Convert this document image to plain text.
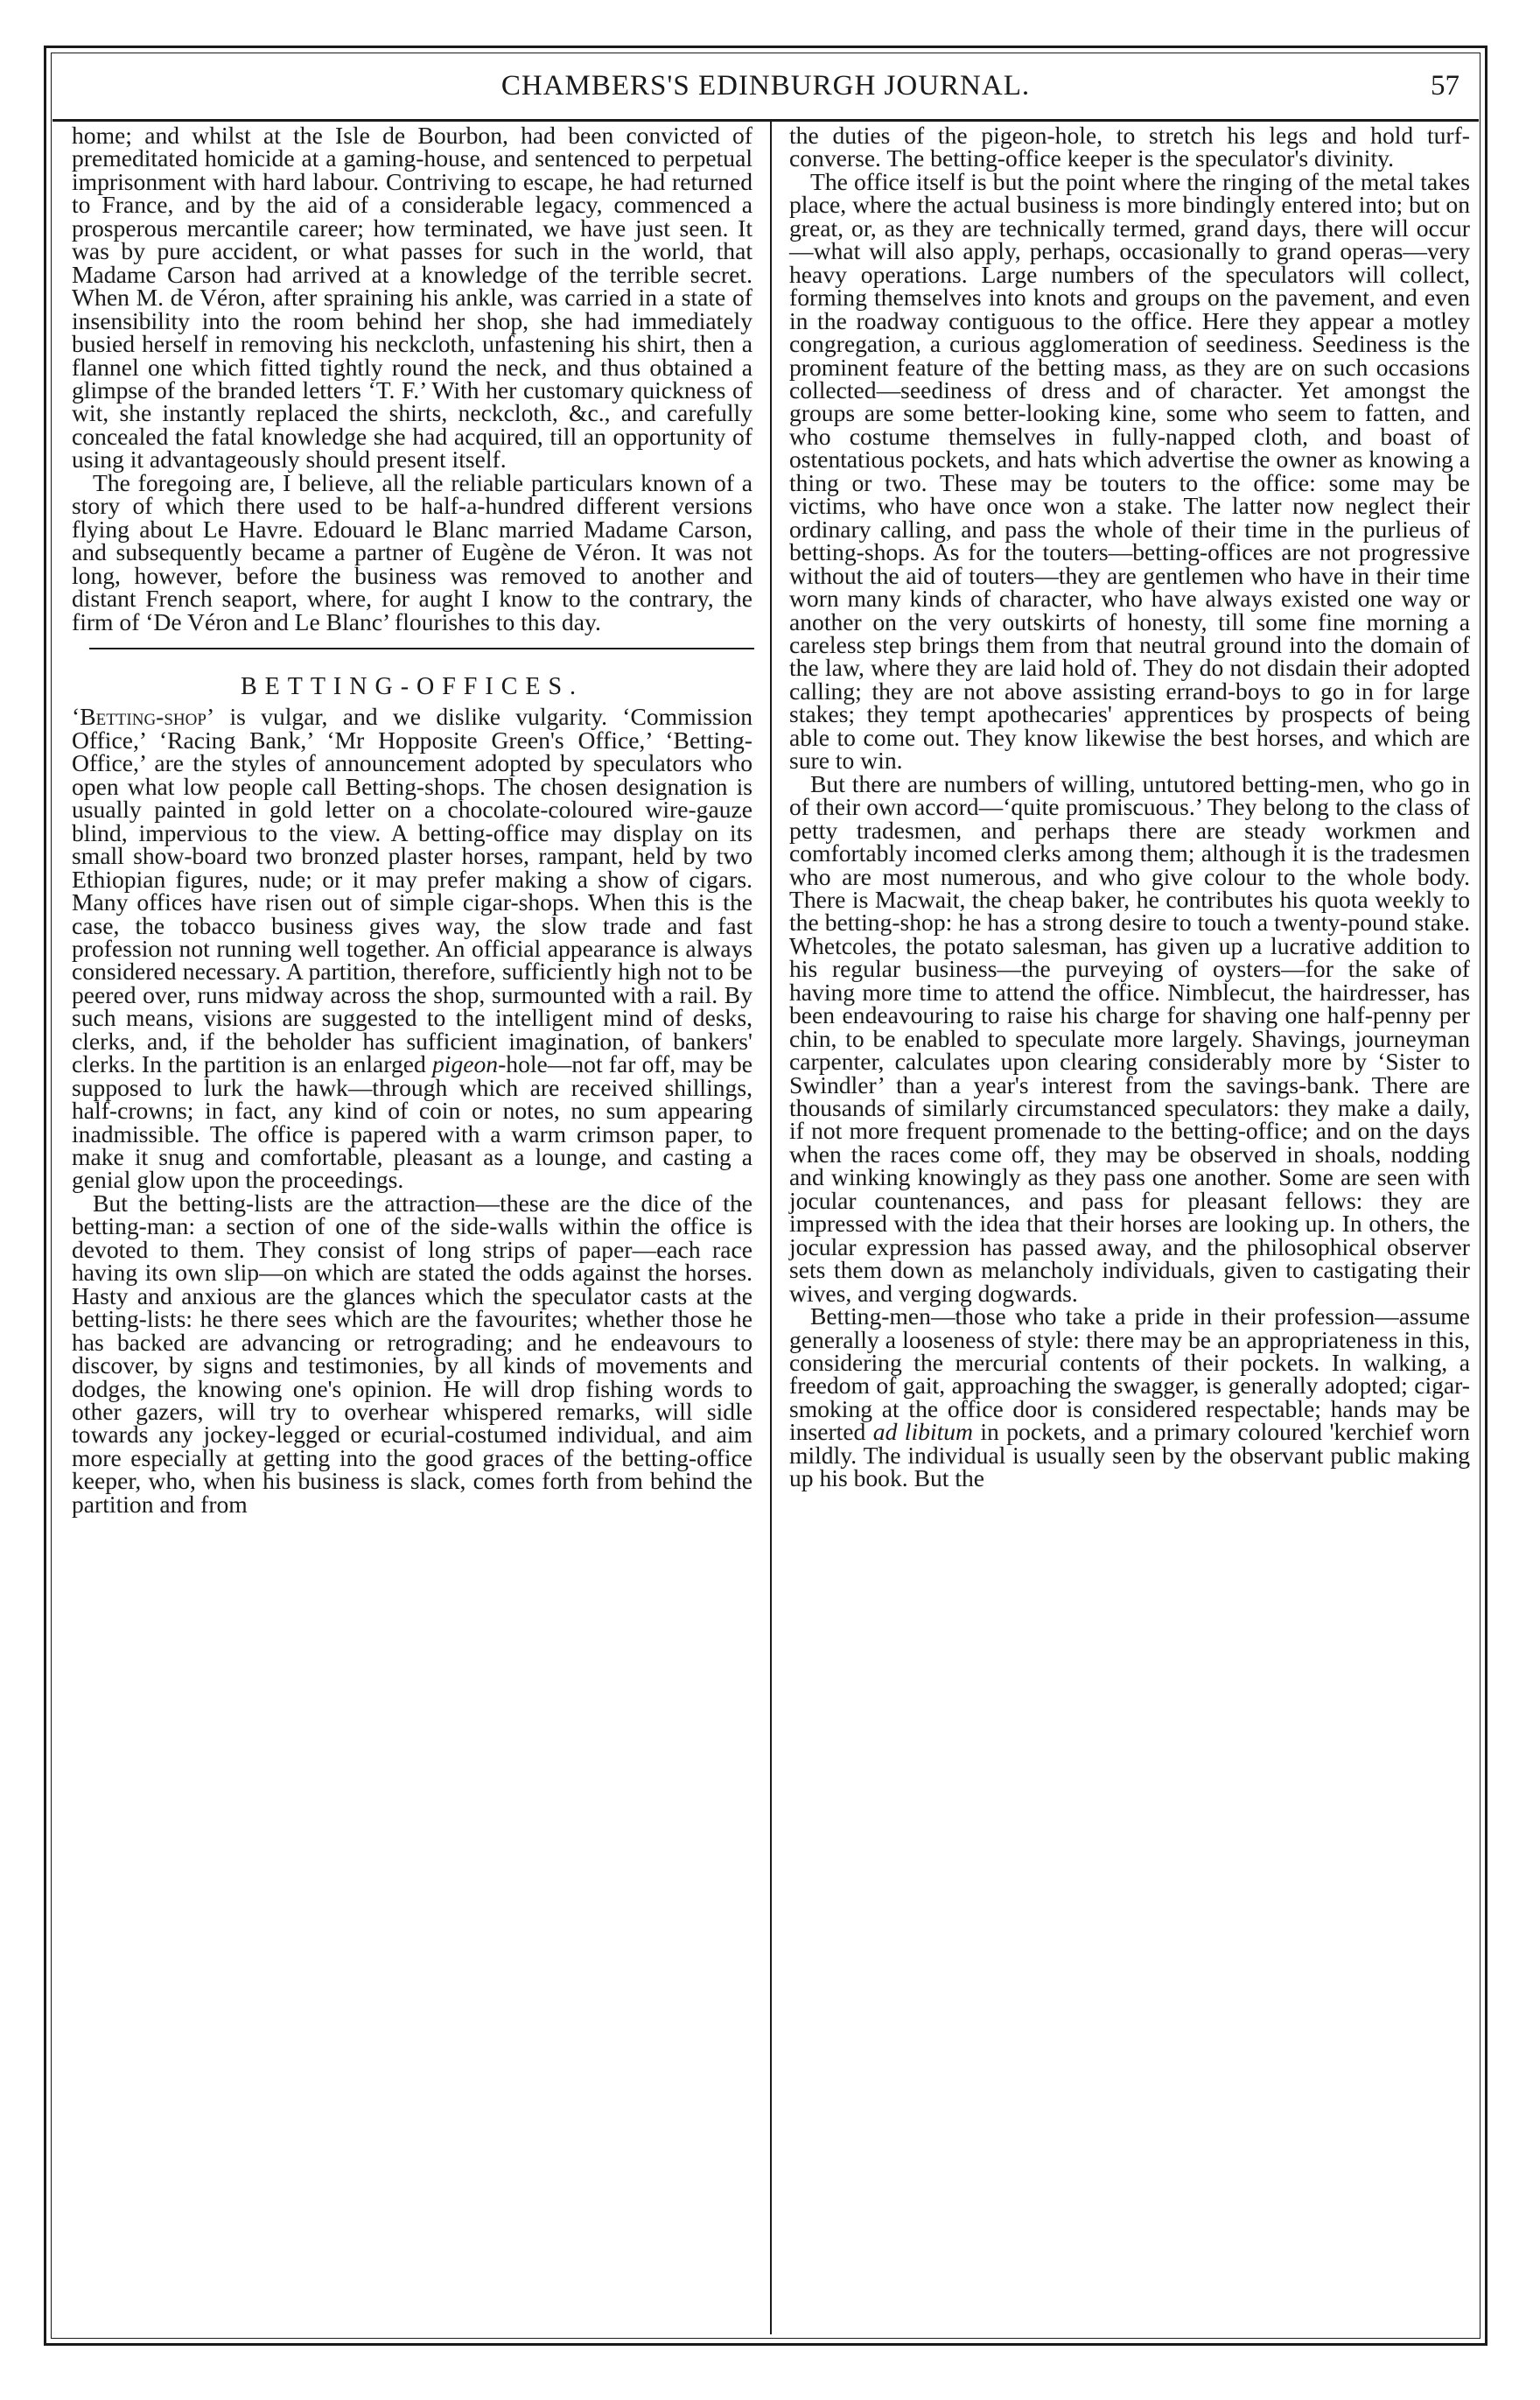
CHAMBERS'S EDINBURGH JOURNAL.	57

home; and whilst at the Isle de Bourbon, had been convicted of premeditated homicide at a gaming-house, and sentenced to perpetual imprisonment with hard labour. Contriving to escape, he had returned to France, and by the aid of a considerable legacy, commenced a prosperous mercantile career; how terminated, we have just seen. It was by pure accident, or what passes for such in the world, that Madame Carson had arrived at a knowledge of the terrible secret. When M. de Véron, after spraining his ankle, was carried in a state of insensibility into the room behind her shop, she had immediately busied herself in removing his neckcloth, unfastening his shirt, then a flannel one which fitted tightly round the neck, and thus obtained a glimpse of the branded letters ‘T. F.’ With her customary quickness of wit, she instantly replaced the shirts, neckcloth, &c., and carefully concealed the fatal knowledge she had acquired, till an opportunity of using it advantageously should present itself.

The foregoing are, I believe, all the reliable particulars known of a story of which there used to be half-a-hundred different versions flying about Le Havre. Edouard le Blanc married Madame Carson, and subsequently became a partner of Eugène de Véron. It was not long, however, before the business was removed to another and distant French seaport, where, for aught I know to the contrary, the firm of ‘De Véron and Le Blanc’ flourishes to this day.

BETTING-OFFICES.

‘Betting-shop’ is vulgar, and we dislike vulgarity. ‘Commission Office,’ ‘Racing Bank,’ ‘Mr Hopposite Green's Office,’ ‘Betting-Office,’ are the styles of announcement adopted by speculators who open what low people call Betting-shops. The chosen designation is usually painted in gold letter on a chocolate-coloured wire-gauze blind, impervious to the view. A betting-office may display on its small show-board two bronzed plaster horses, rampant, held by two Ethiopian figures, nude; or it may prefer making a show of cigars. Many offices have risen out of simple cigar-shops. When this is the case, the tobacco business gives way, the slow trade and fast profession not running well together. An official appearance is always considered necessary. A partition, therefore, sufficiently high not to be peered over, runs midway across the shop, surmounted with a rail. By such means, visions are suggested to the intelligent mind of desks, clerks, and, if the beholder has sufficient imagination, of bankers' clerks. In the partition is an enlarged pigeon-hole—not far off, may be supposed to lurk the hawk—through which are received shillings, half-crowns; in fact, any kind of coin or notes, no sum appearing inadmissible. The office is papered with a warm crimson paper, to make it snug and comfortable, pleasant as a lounge, and casting a genial glow upon the proceedings.

But the betting-lists are the attraction—these are the dice of the betting-man: a section of one of the side-walls within the office is devoted to them. They consist of long strips of paper—each race having its own slip—on which are stated the odds against the horses. Hasty and anxious are the glances which the speculator casts at the betting-lists: he there sees which are the favourites; whether those he has backed are advancing or retrograding; and he endeavours to discover, by signs and testimonies, by all kinds of movements and dodges, the knowing one's opinion. He will drop fishing words to other gazers, will try to overhear whispered remarks, will sidle towards any jockey-legged or ecurial-costumed individual, and aim more especially at getting into the good graces of the betting-office keeper, who, when his business is slack, comes forth from behind the partition and from

the duties of the pigeon-hole, to stretch his legs and hold turf-converse. The betting-office keeper is the speculator's divinity.

The office itself is but the point where the ringing of the metal takes place, where the actual business is more bindingly entered into; but on great, or, as they are technically termed, grand days, there will occur—what will also apply, perhaps, occasionally to grand operas—very heavy operations. Large numbers of the speculators will collect, forming themselves into knots and groups on the pavement, and even in the roadway contiguous to the office. Here they appear a motley congregation, a curious agglomeration of seediness. Seediness is the prominent feature of the betting mass, as they are on such occasions collected—seediness of dress and of character. Yet amongst the groups are some better-looking kine, some who seem to fatten, and who costume themselves in fully-napped cloth, and boast of ostentatious pockets, and hats which advertise the owner as knowing a thing or two. These may be touters to the office: some may be victims, who have once won a stake. The latter now neglect their ordinary calling, and pass the whole of their time in the purlieus of betting-shops. As for the touters—betting-offices are not progressive without the aid of touters—they are gentlemen who have in their time worn many kinds of character, who have always existed one way or another on the very outskirts of honesty, till some fine morning a careless step brings them from that neutral ground into the domain of the law, where they are laid hold of. They do not disdain their adopted calling; they are not above assisting errand-boys to go in for large stakes; they tempt apothecaries' apprentices by prospects of being able to come out. They know likewise the best horses, and which are sure to win.

But there are numbers of willing, untutored betting-men, who go in of their own accord—‘quite promiscuous.’ They belong to the class of petty tradesmen, and perhaps there are steady workmen and comfortably incomed clerks among them; although it is the tradesmen who are most numerous, and who give colour to the whole body. There is Macwait, the cheap baker, he contributes his quota weekly to the betting-shop: he has a strong desire to touch a twenty-pound stake. Whetcoles, the potato salesman, has given up a lucrative addition to his regular business—the purveying of oysters—for the sake of having more time to attend the office. Nimblecut, the hairdresser, has been endeavouring to raise his charge for shaving one half-penny per chin, to be enabled to speculate more largely. Shavings, journeyman carpenter, calculates upon clearing considerably more by ‘Sister to Swindler’ than a year's interest from the savings-bank. There are thousands of similarly circumstanced speculators: they make a daily, if not more frequent promenade to the betting-office; and on the days when the races come off, they may be observed in shoals, nodding and winking knowingly as they pass one another. Some are seen with jocular countenances, and pass for pleasant fellows: they are impressed with the idea that their horses are looking up. In others, the jocular expression has passed away, and the philosophical observer sets them down as melancholy individuals, given to castigating their wives, and verging dogwards.

Betting-men—those who take a pride in their profession—assume generally a looseness of style: there may be an appropriateness in this, considering the mercurial contents of their pockets. In walking, a freedom of gait, approaching the swagger, is generally adopted; cigar-smoking at the office door is considered respectable; hands may be inserted ad libitum in pockets, and a primary coloured 'kerchief worn mildly. The individual is usually seen by the observant public making up his book. But the
